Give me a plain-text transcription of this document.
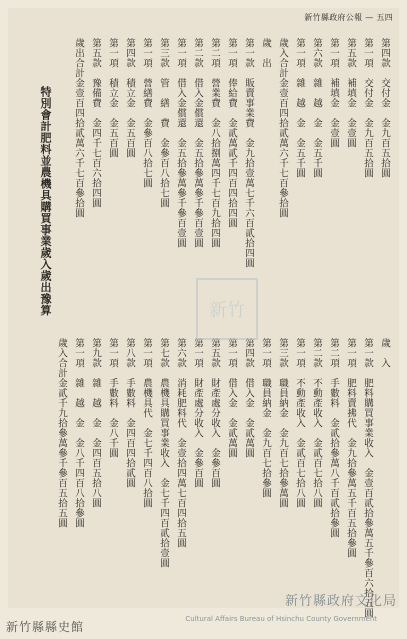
新竹縣政府公報 — 五四
第四款　交付金　金九百五拾圓
第一項　交付金　金九百五拾圓
第五款　補填金　金壹圓
第一項　補填金　金壹圓
第六款　雜　越　金　金五千圓
第一項　雜　越　金　金五千圓
歲入合計金壹百四拾貳萬六千七百參拾圓
歲　出
第一款　販賣事業費　金九拾壹萬七千六百貳拾四圓
第一項　俸給費　金貳萬貳千四百四拾四圓
第二項　營業費　金八拾捌萬四千七百九拾四圓
第二款　借入金償還　金五拾參萬參千參百壹圓
第一項　借入金償還　金五拾參萬參千參百壹圓
第三款　管　繕　費　金參百八拾七圓
第一項　營繕費　金參百八拾七圓
第四款　積立金　金五百圓
第一項　積立金　金五百圓
第五款　豫備費　金四千七百六拾四圓
歲出合計金壹百四拾貳萬六千七百參拾圓
特別會計肥料並農機具購買事業歲入歲出豫算
歲　入
第一款　肥料購買事業收入　金壹百貳拾參萬五千參百六拾五圓
第一項　肥料賣拂代　金九拾參萬五千百五拾參圓
第二項　手數料　金貳拾參萬八千百貳拾參圓
第二款　不動產收入　金貳百七拾八圓
第一項　不動產收入　金貳百七拾八圓
第三款　職員納金　金九百七拾參萬圓
第一項　職員納金　金九百七拾參圓
第四款　借入金　金貳萬圓
第一項　借入金　金貳萬圓
第五款　財產處分收入　金參百圓
第一項　財產處分收入　金參百圓
第六款　消耗肥料代　金壹拾四萬七百四拾五圓
第七款　農機具購買事業收入　金七千四百貳拾壹圓
第一項　農機具代　金七千四百八拾圓
第八款　手數料　金四百四拾貳圓
第一項　手數料　金八千圓
第九款　雜　越　金　金四百五拾八圓
第一項　雜　越　金　金八千四百八拾參圓
歲入合計金貳千九拾參萬參千參百五拾五圓
新竹
新竹縣政府文化局
Cultural Affairs Bureau of Hsinchu County Government
新竹縣縣史館
